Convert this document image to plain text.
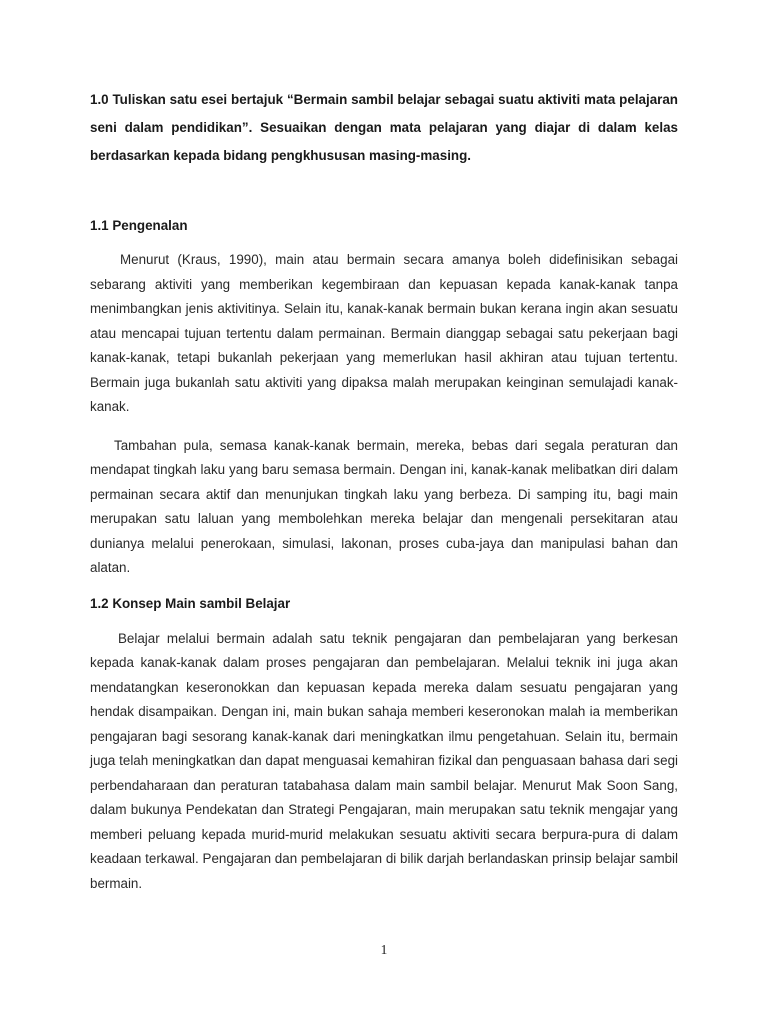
1.0 Tuliskan satu esei bertajuk “Bermain sambil belajar sebagai suatu aktiviti mata pelajaran seni dalam pendidikan”. Sesuaikan dengan mata pelajaran yang diajar di dalam kelas berdasarkan kepada bidang pengkhususan masing-masing.

1.1 Pengenalan

Menurut (Kraus, 1990), main atau bermain secara amanya boleh didefinisikan sebagai sebarang aktiviti yang memberikan kegembiraan dan kepuasan kepada kanak-kanak tanpa menimbangkan jenis aktivitinya. Selain itu, kanak-kanak bermain bukan kerana ingin akan sesuatu atau mencapai tujuan tertentu dalam permainan. Bermain dianggap sebagai satu pekerjaan bagi kanak-kanak, tetapi bukanlah pekerjaan yang memerlukan hasil akhiran atau tujuan tertentu. Bermain juga bukanlah satu aktiviti yang dipaksa malah merupakan keinginan semulajadi kanak-kanak.

Tambahan pula, semasa kanak-kanak bermain, mereka, bebas dari segala peraturan dan mendapat tingkah laku yang baru semasa bermain. Dengan ini, kanak-kanak melibatkan diri dalam permainan secara aktif dan menunjukan tingkah laku yang berbeza. Di samping itu, bagi main merupakan satu laluan yang membolehkan mereka belajar dan mengenali persekitaran atau dunianya melalui penerokaan, simulasi, lakonan, proses cuba-jaya dan manipulasi bahan dan alatan.

1.2 Konsep Main sambil Belajar

Belajar melalui bermain adalah satu teknik pengajaran dan pembelajaran yang berkesan kepada kanak-kanak dalam proses pengajaran dan pembelajaran. Melalui teknik ini juga akan mendatangkan keseronokkan dan kepuasan kepada mereka dalam sesuatu pengajaran yang hendak disampaikan. Dengan ini, main bukan sahaja memberi keseronokan malah ia memberikan pengajaran bagi sesorang kanak-kanak dari meningkatkan ilmu pengetahuan. Selain itu, bermain juga telah meningkatkan dan dapat menguasai kemahiran fizikal dan penguasaan bahasa dari segi perbendaharaan dan peraturan tatabahasa dalam main sambil belajar. Menurut Mak Soon Sang, dalam bukunya Pendekatan dan Strategi Pengajaran, main merupakan satu teknik mengajar yang memberi peluang kepada murid-murid melakukan sesuatu aktiviti secara berpura-pura di dalam keadaan terkawal. Pengajaran dan pembelajaran di bilik darjah berlandaskan prinsip belajar sambil bermain.

1
